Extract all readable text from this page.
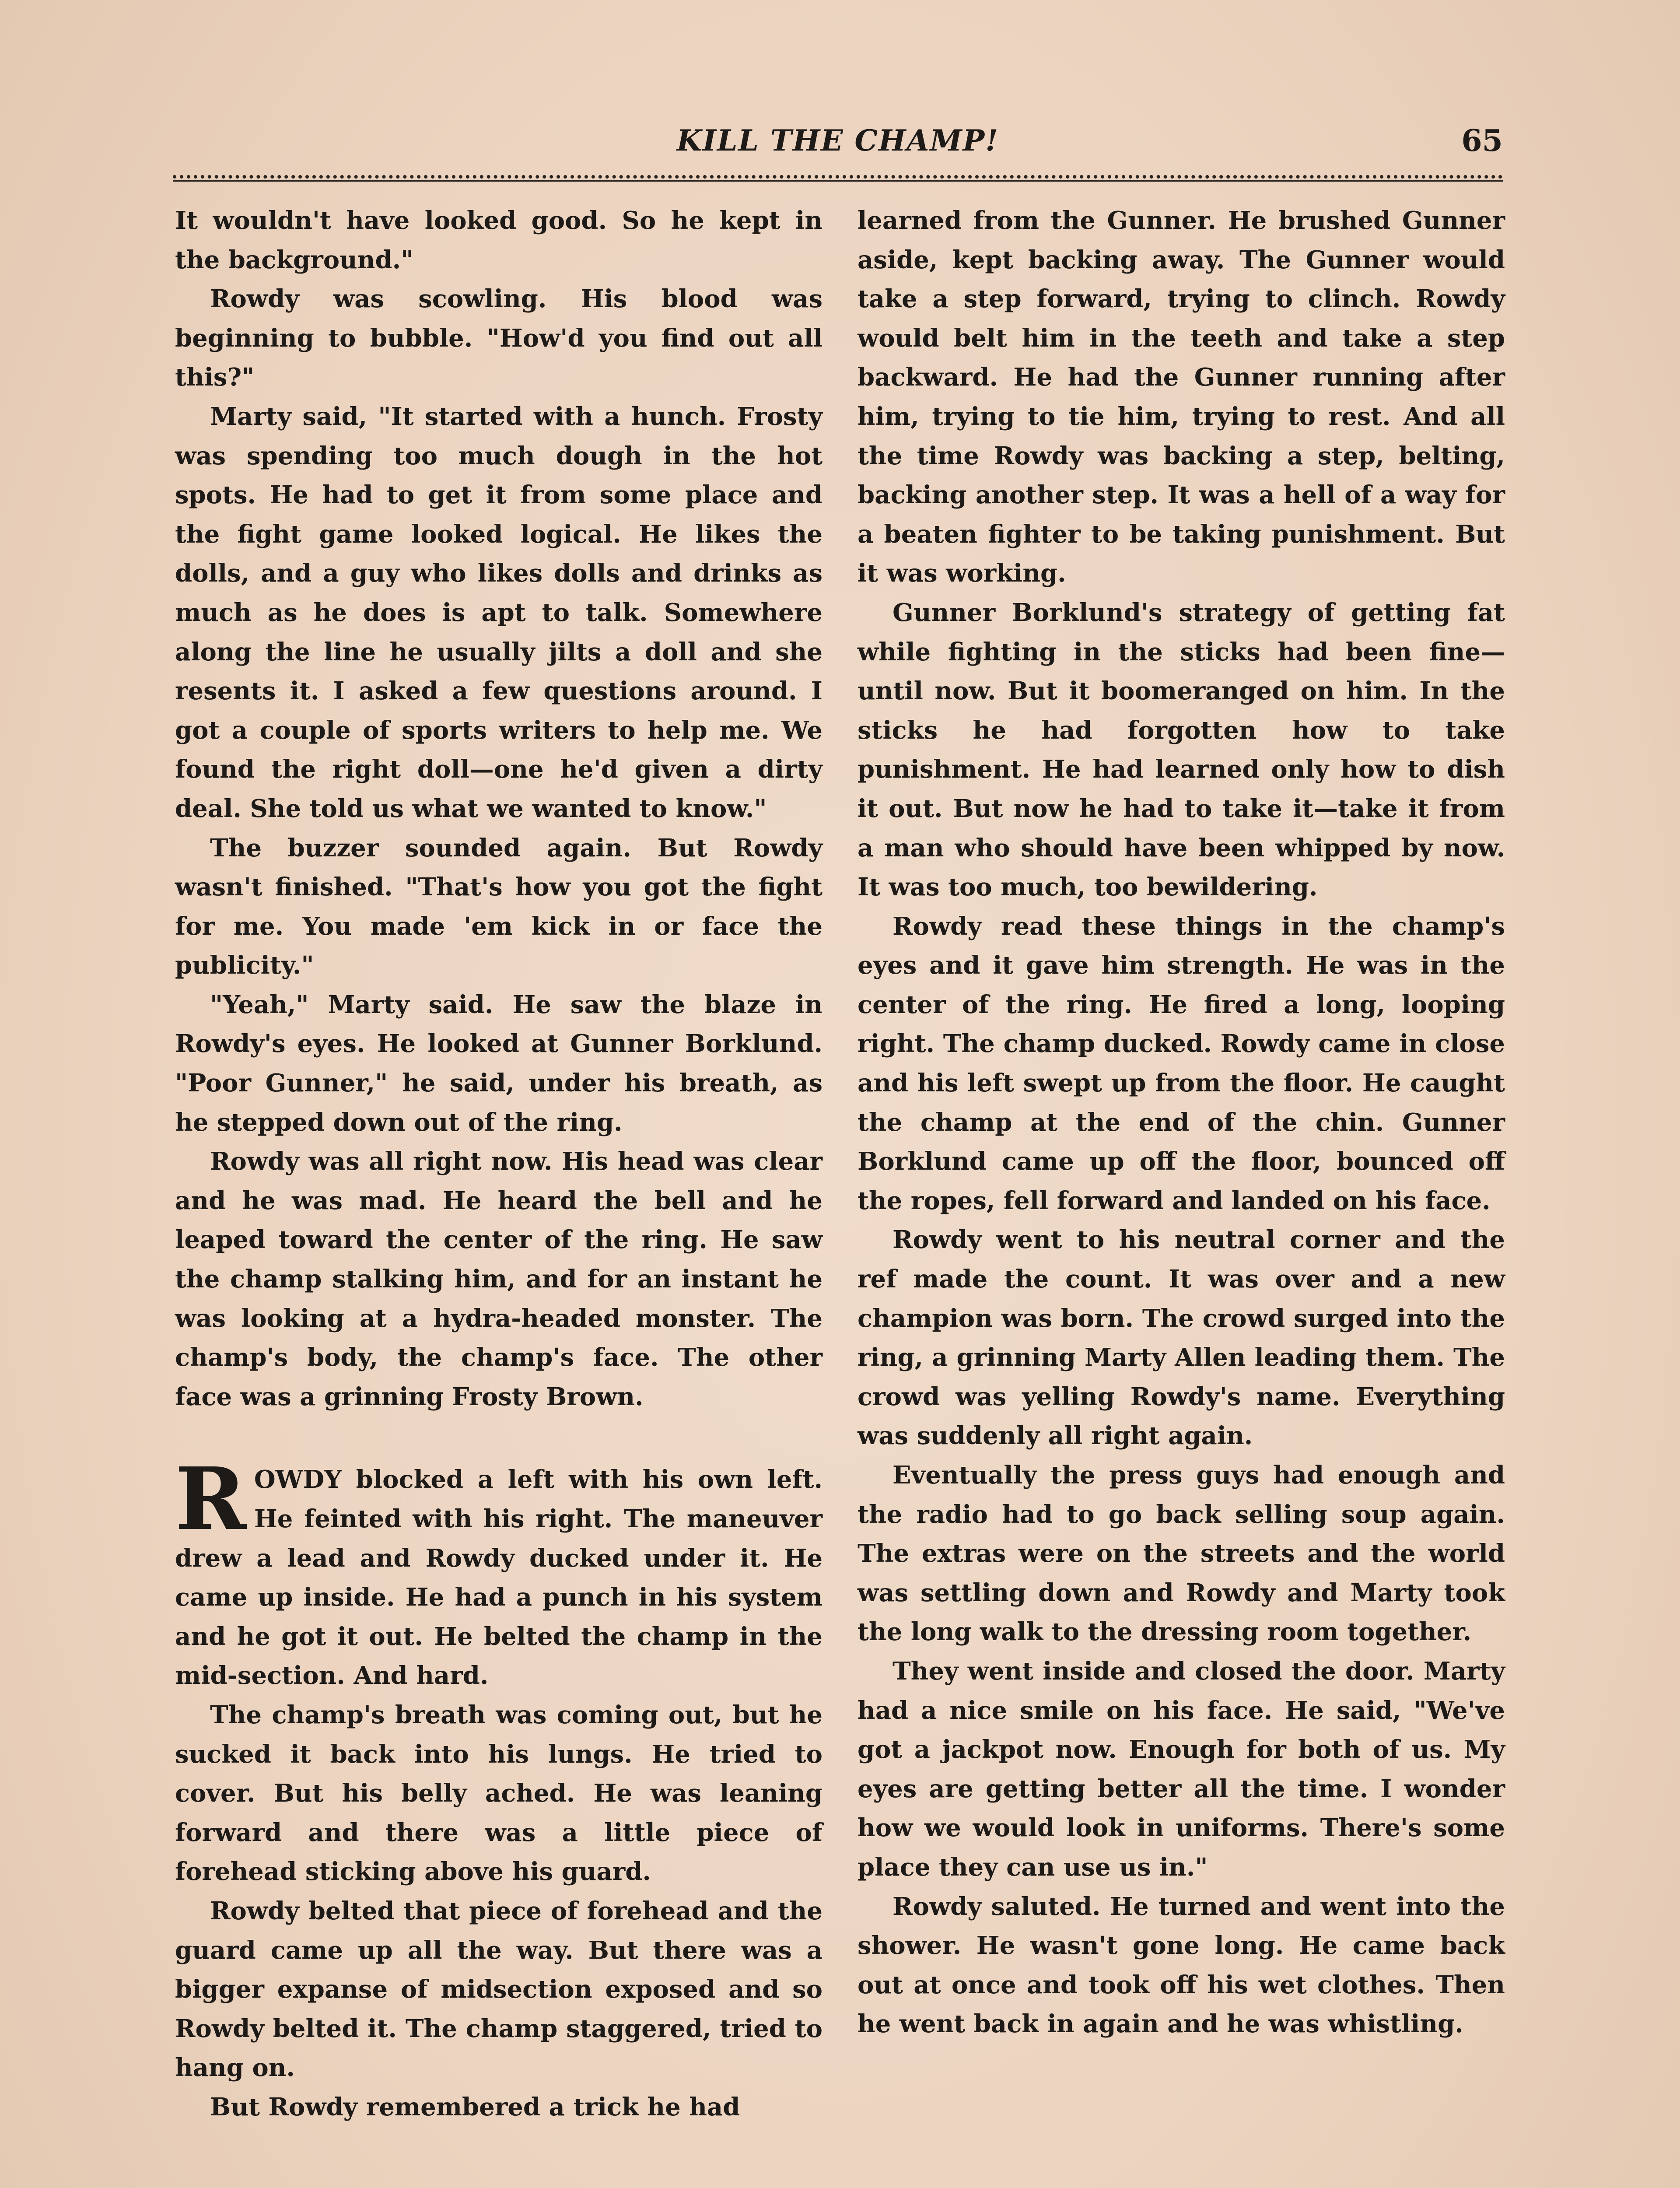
KILL THE CHAMP!	65

It wouldn't have looked good. So he kept in the background."

Rowdy was scowling. His blood was beginning to bubble. "How'd you find out all this?"

Marty said, "It started with a hunch. Frosty was spending too much dough in the hot spots. He had to get it from some place and the fight game looked logical. He likes the dolls, and a guy who likes dolls and drinks as much as he does is apt to talk. Somewhere along the line he usually jilts a doll and she resents it. I asked a few questions around. I got a couple of sports writers to help me. We found the right doll—one he'd given a dirty deal. She told us what we wanted to know."

The buzzer sounded again. But Rowdy wasn't finished. "That's how you got the fight for me. You made 'em kick in or face the publicity."

"Yeah," Marty said. He saw the blaze in Rowdy's eyes. He looked at Gunner Borklund. "Poor Gunner," he said, under his breath, as he stepped down out of the ring.

Rowdy was all right now. His head was clear and he was mad. He heard the bell and he leaped toward the center of the ring. He saw the champ stalking him, and for an instant he was looking at a hydra-headed monster. The champ's body, the champ's face. The other face was a grinning Frosty Brown.

ROWDY blocked a left with his own left. He feinted with his right. The maneuver drew a lead and Rowdy ducked under it. He came up inside. He had a punch in his system and he got it out. He belted the champ in the mid-section. And hard.

The champ's breath was coming out, but he sucked it back into his lungs. He tried to cover. But his belly ached. He was leaning forward and there was a little piece of forehead sticking above his guard.

Rowdy belted that piece of forehead and the guard came up all the way. But there was a bigger expanse of midsection exposed and so Rowdy belted it. The champ staggered, tried to hang on.

But Rowdy remembered a trick he had

learned from the Gunner. He brushed Gunner aside, kept backing away. The Gunner would take a step forward, trying to clinch. Rowdy would belt him in the teeth and take a step backward. He had the Gunner running after him, trying to tie him, trying to rest. And all the time Rowdy was backing a step, belting, backing another step. It was a hell of a way for a beaten fighter to be taking punishment. But it was working.

Gunner Borklund's strategy of getting fat while fighting in the sticks had been fine—until now. But it boomeranged on him. In the sticks he had forgotten how to take punishment. He had learned only how to dish it out. But now he had to take it—take it from a man who should have been whipped by now. It was too much, too bewildering.

Rowdy read these things in the champ's eyes and it gave him strength. He was in the center of the ring. He fired a long, looping right. The champ ducked. Rowdy came in close and his left swept up from the floor. He caught the champ at the end of the chin. Gunner Borklund came up off the floor, bounced off the ropes, fell forward and landed on his face.

Rowdy went to his neutral corner and the ref made the count. It was over and a new champion was born. The crowd surged into the ring, a grinning Marty Allen leading them. The crowd was yelling Rowdy's name. Everything was suddenly all right again.

Eventually the press guys had enough and the radio had to go back selling soup again. The extras were on the streets and the world was settling down and Rowdy and Marty took the long walk to the dressing room together.

They went inside and closed the door. Marty had a nice smile on his face. He said, "We've got a jackpot now. Enough for both of us. My eyes are getting better all the time. I wonder how we would look in uniforms. There's some place they can use us in."

Rowdy saluted. He turned and went into the shower. He wasn't gone long. He came back out at once and took off his wet clothes. Then he went back in again and he was whistling.
